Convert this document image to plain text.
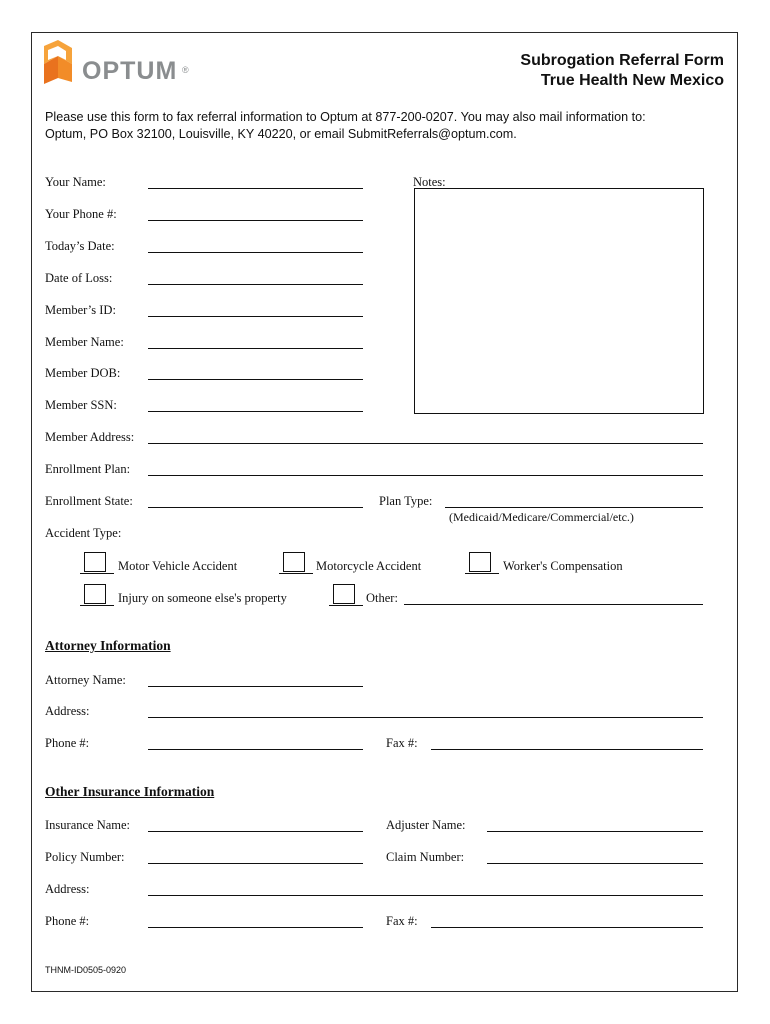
OPTUM ®
Subrogation Referral Form
True Health New Mexico
Please use this form to fax referral information to Optum at 877-200-0207. You may also mail information to:
Optum, PO Box 32100, Louisville, KY 40220, or email SubmitReferrals@optum.com.
Your Name:
Your Phone #:
Today’s Date:
Date of Loss:
Member’s ID:
Member Name:
Member DOB:
Member SSN:
Notes:
Member Address:
Enrollment Plan:
Enrollment State:	Plan Type:
(Medicaid/Medicare/Commercial/etc.)
Accident Type:
Motor Vehicle Accident	Motorcycle Accident	Worker's Compensation
Injury on someone else's property	Other:
Attorney Information
Attorney Name:
Address:
Phone #:	Fax #:
Other Insurance Information
Insurance Name:	Adjuster Name:
Policy Number:	Claim Number:
Address:
Phone #:	Fax #:
THNM-ID0505-0920
